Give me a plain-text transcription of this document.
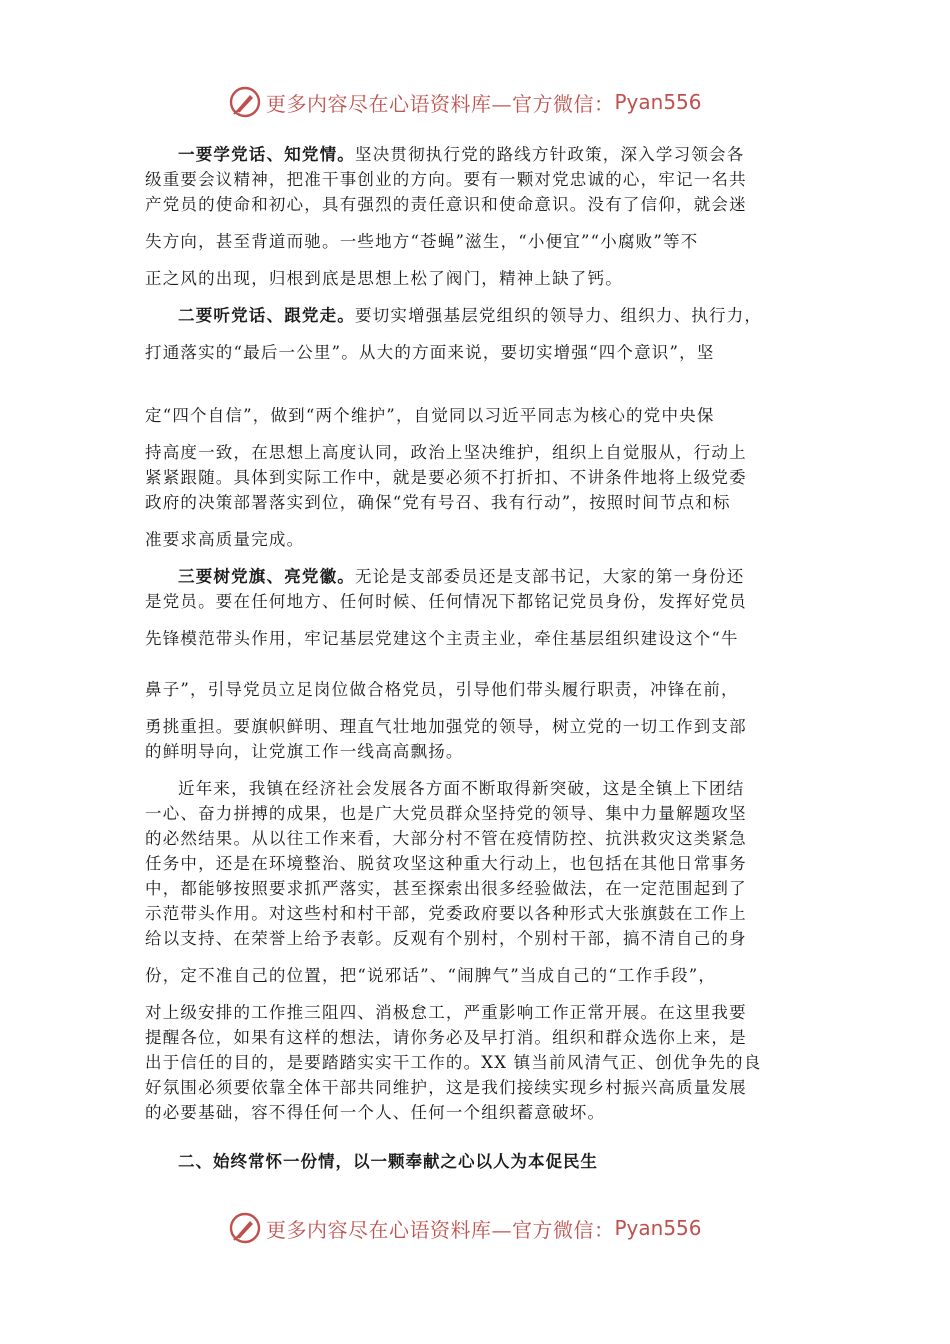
更多内容尽在心语资料库—官方微信： Pyan556
一要学党话、知党情。坚决贯彻执行党的路线方针政策，深入学习领会各
级重要会议精神，把准干事创业的方向。要有一颗对党忠诚的心，牢记一名共
产党员的使命和初心，具有强烈的责任意识和使命意识。没有了信仰，就会迷
失方向，甚至背道而驰。一些地方“苍蝇”滋生，“小便宜”“小腐败”等不
正之风的出现，归根到底是思想上松了阀门，精神上缺了钙。
二要听党话、跟党走。要切实增强基层党组织的领导力、组织力、执行力，
打通落实的“最后一公里”。从大的方面来说，要切实增强“四个意识”，坚
定“四个自信”，做到“两个维护”，自觉同以习近平同志为核心的党中央保
持高度一致，在思想上高度认同，政治上坚决维护，组织上自觉服从，行动上
紧紧跟随。具体到实际工作中，就是要必须不打折扣、不讲条件地将上级党委
政府的决策部署落实到位，确保“党有号召、我有行动”，按照时间节点和标
准要求高质量完成。
三要树党旗、亮党徽。无论是支部委员还是支部书记，大家的第一身份还
是党员。要在任何地方、任何时候、任何情况下都铭记党员身份，发挥好党员
先锋模范带头作用，牢记基层党建这个主责主业，牵住基层组织建设这个“牛
鼻子”，引导党员立足岗位做合格党员，引导他们带头履行职责，冲锋在前，
勇挑重担。要旗帜鲜明、理直气壮地加强党的领导，树立党的一切工作到支部
的鲜明导向，让党旗工作一线高高飘扬。
近年来，我镇在经济社会发展各方面不断取得新突破，这是全镇上下团结
一心、奋力拼搏的成果，也是广大党员群众坚持党的领导、集中力量解题攻坚
的必然结果。从以往工作来看，大部分村不管在疫情防控、抗洪救灾这类紧急
任务中，还是在环境整治、脱贫攻坚这种重大行动上，也包括在其他日常事务
中，都能够按照要求抓严落实，甚至探索出很多经验做法，在一定范围起到了
示范带头作用。对这些村和村干部，党委政府要以各种形式大张旗鼓在工作上
给以支持、在荣誉上给予表彰。反观有个别村，个别村干部，搞不清自己的身
份，定不准自己的位置，把“说邪话”、“闹脾气”当成自己的“工作手段”，
对上级安排的工作推三阻四、消极怠工，严重影响工作正常开展。在这里我要
提醒各位，如果有这样的想法，请你务必及早打消。组织和群众选你上来，是
出于信任的目的，是要踏踏实实干工作的。XX 镇当前风清气正、创优争先的良
好氛围必须要依靠全体干部共同维护，这是我们接续实现乡村振兴高质量发展
的必要基础，容不得任何一个人、任何一个组织蓄意破坏。
二、始终常怀一份情，以一颗奉献之心以人为本促民生
更多内容尽在心语资料库—官方微信： Pyan556
